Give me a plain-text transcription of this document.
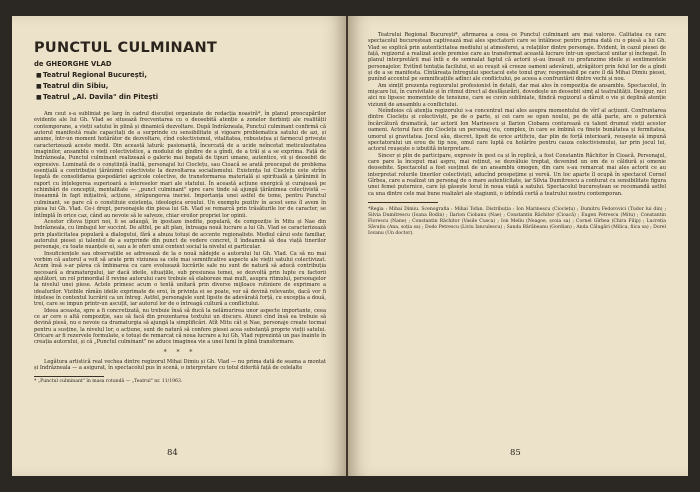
PUNCTUL CULMINANT
de GHEORGHE VLAD
■Teatrul Regional București,
■Teatrul din Sibiu,
■Teatrul „Al. Davila" din Pitești

Am ceut s-a subliniat pe larg în cadrul discuției organizate de redacția noastră*, în planul preocupărilor evidente ale lui Gh. Vlad se situează frecventarea cu o deosebită atenție a zonelor fierbinți ale realității contemporane, a vieții satului în plină și dinamică dezvoltare. După Indrăzneala, Punctul culminant confirmă că autorul manifestă reale capacitați de a surprinde cu sensibilitate și vigoare problematica satului de azi, și anume, într-un moment hotărâtor de dezvoltare, cînd colectivismul, vitalitatea, robustețea și farmecul privește caracterizează aceste medii. Din această latură: pasionantă, încercată de a ucide neîncetat meticulozitatea imaginilor, ansamblu o vieți colectivistice, a modului de gîndire de a gîndi, de a trăi și a se exprima. Față de Indrăzneala, Punctul culminant realizează o galerie mai bogată de tipuri umane, autentice, vii și deosebit de expresive. Luminată de o conștiință înaltă, personajul lui Cioclețu, sau Cioacă se arată preocupat de problema esențială a contribuției țărănimii colectiviste la dezvoltarea socialismului. Existența lui Cioclețu este strîns legată de consolidarea gospodăriei agricole colective, de transformarea materială și spirituală a țărănimii în raport cu înțelegerea superioară a intereselor mari ale statului. În această acțiune energică și curajoasă pe schimbări de concepții, mentalitate — „punct culminant" spre care tinde să ajungă țărănimea colectivistă — înseamnă în fapt inițiativă, acțiune, străpungerea ineriei. Importanța unei astfel de teme, pentru Punctul culminant, se pare că o constituie existența, ideologica eroului. Un exemplu pozitiv în acest sens îl avem în piesa lui Gh. Vlad. Ce-i drept, personajele din piesa lui Gh. Vlad se remarcă prin trăsăturile lor de caracter, se întîmplă în orice caz, când au nevoie să le salveze, chiar eroilor propriei lor opinii.

Acestor cîteva țipuri noi, li se adaugă, în ipostaze inedite, populară, de compoziție în Mitu și Nae din Indrăzneala, cu limbajul lor succint. De altfel, pe alt plan, întreaga nouă lucrare a lui Gh. Vlad se caracterizează prin plasticitatea populară a dialogului, fără a abuza totuși de accente regionaliste. Mediul cărui este familiar, autorului piesei și talentul de a surprinde din punct de vedere concret, îl îndeamnă să dea viață tinerilor personaje, cu toate nuanțele ei, sau a le oferi unui context social la nivelul ei particular.

Insuficiențele sau observațiile se adresează de la o nouă nădejde a autorului lui Gh. Vlad. Ca să nu mai vorbim că autorul a voit să arate prin viziunea sa cele mai semnificative aspecte ale vieții satului colectivizat. Acum însă s-ar părea că îmbinarea cu care evoluează lucrările sale nu sunt de natură să aducă contribuția necesară a dramaturgului, iar dacă ideile, situațiile, sub presiunea temei, se dezvoltă prin lupte cu factorii ajutători, un rol primordial îl revine autorului care trebuie să elaboreze mai mult, asupra ritmului, personajelor la nivelul unei piese. Actele primesc acum o tentă unitară prin diverse mijloace rutiniere de exprimare a idealurilor. Vizibile rămân ideile exprimate de eroi, în privința ei se poate, vor să devină relevante, dacă vor fi înțelese în contextul lucrării ca un întreg. Astfel, personajele sunt lipsite de adevărată forță, cu excepția a două, trei, care se impun printr-un ascuțit, iar autorul lor de o întreagă cultură a conflictului.

Ideea aceasta, spre a fi concretizată, nu trebuie însă să ducă la nelămurirea unor aspecte importante, ceea ce ar cere o altă compoziție, sau să facă din prezentarea textului un discurs. Atunci cînd însă ea trebuie să devină piesă, nu e nevoie ca dramaturgia să ajungă la simplificări. Atît Mitu cât și Nae, personaje create tocmai pentru a susține, la nivelul lor, o acțiune, sunt de natură să confere piesei acea substanță proprie vieții satului. Oricare ar fi rezervele formulate, e totuși de remarcat că noua lucrare a lui Gh. Vlad reprezintă un pas înainte în creația autorului, și că „Punctul culminant" ne aduce imaginea vie a unei lumi în plină transformare.

* * *

Legătura artistică real vechea dintre regizorul Mihai Dimiu și Gh. Vlad — nu prima dată de seama a montat și Indrăzneala — a asigurat, în spectacolul pus în scenă, o interpretare cu totul diferită față de celelalte

* „Punctul culminant" în masa rotundă — „Teatrul" nr. 11/1963.
84

Teatrului Regional București*, afirmarea a ceea ce Punctul culminant are mai valoros. Calitatea cu care spectacolul bucureștean captivează mai ales spectatorii care se întâlnesc pentru prima dată cu o piesă a lui Gh. Vlad se explică prin autenticitatea mediului și atmosferei, a relațiilor dintre personaje. Evident, în cazul piesei de față, regizorul a realizat acele premise care au transformat această lucrare într-un spectacol unitar și închegat. În planul interpretării mai întîi e de semnalat faptul că actorii și-au însușit cu profunzime ideile și sentimentele personajelor. Evitînd tentația facilului, ei au reușit să creeze oameni adevărați, atrăgători prin felul lor de a gîndi și de a se manifesta. Cîntăreața întregului spectacol este tonul grav, responsabil pe care îl dă Mihai Dimiu piesei, punînd accentul pe semnificațiile adînci ale conflictului, pe aceea a confruntării dintre vechi și nou.

Am simțit prezența regizorului profesionist în detalii, dar mai ales în compoziția de ansamblu. Spectacolul, în mişcare lui, în cursivitate și în ritmul direct al desfășurării, dovedește un deosebit simț al teatralității. Desigur, nici aici nu lipsesc momentele de tensiune, care se cuvin subliniate, fiindcă regizorul a dăruit o vie și deplină atenție viziunii de ansamblu a conflictului.

Neîndoios că atenția regizorului s-a concentrat mai ales asupra momentului de vîrf al acțiunii. Confruntarea dintre Cioclețu și colectiviști, pe de o parte, și cei care se opun noului, pe de altă parte, are o puternică încărcătură dramatică, iar actorii Ion Marinescu și Ilarion Ciobanu conturează cu talent drumul vieții acestor oameni. Actorul face din Cioclețu un personaj viu, complex, în care se îmbină cu finețe bunătatea și fermitatea, umorul și gravitatea. Jocul său, discret, lipsit de orice artificiu, dar plin de forță interioară, reușește să impună spectatorului un erou de tip nou, omul care luptă cu hotărîre pentru cauza colectivismului, iar prin jocul lui, actorul reușește o izbutită interpretare.

Sincer și plin de participare, expresiv în gest ca și în replică, a fost Constantin Răchitor în Cioacă. Personajul, care pare la început mai aspru, mai reținut, se dezvăluie treptat, devenind un om de o căldură și omenie deosebite. Spectacolul a fost susținut de un ansamblu omogen, din care s-au remarcat mai ales actorii ce au interpretat rolurile tinerilor colectiviști, aducînd prospețime și vervă. Un loc aparte îl ocupă în spectacol Cornel Gîrbea, care a realizat un personaj de o mare autenticitate, iar Silvia Dumitrescu a conturat cu sensibilitate figura unei femei puternice, care își găsește locul în noua viață a satului. Spectacolul bucureștean se recomandă astfel ca una dintre cele mai bune realizări ale stagiunii, o izbîndă certă a teatrului nostru contemporan.

*Regia : Mihai Dimiu. Scenografia : Mihai Tofan. Distribuția : Ion Marinescu (Cioclețu) ; Dumitru Fedorovici (Tudor lui din) ; Silvia Dumitrescu (Ioana Bodin) ; Ilarion Ciobanu (Nae) ; Constantin Răchitor (Cioacă) ; Eugen Petrescu (Mitu) ; Constantin Florescu (Nane) ; Constantin Răchitor (Vasile Cusca) ; Ion Meliu (Neagoe, școia sa) ; Cornel Gîrbea (Chira Filip) ; Lucreția Săvuțiu (Ana, soția sa) ; Dodo Petrescu (Liviu Ianculescu) ; Sanda Bărăbeanu (Gordian) ; Anda Călugări (Milica, fiica sa) ; Dorel Iovanu (Un doctor).
85
